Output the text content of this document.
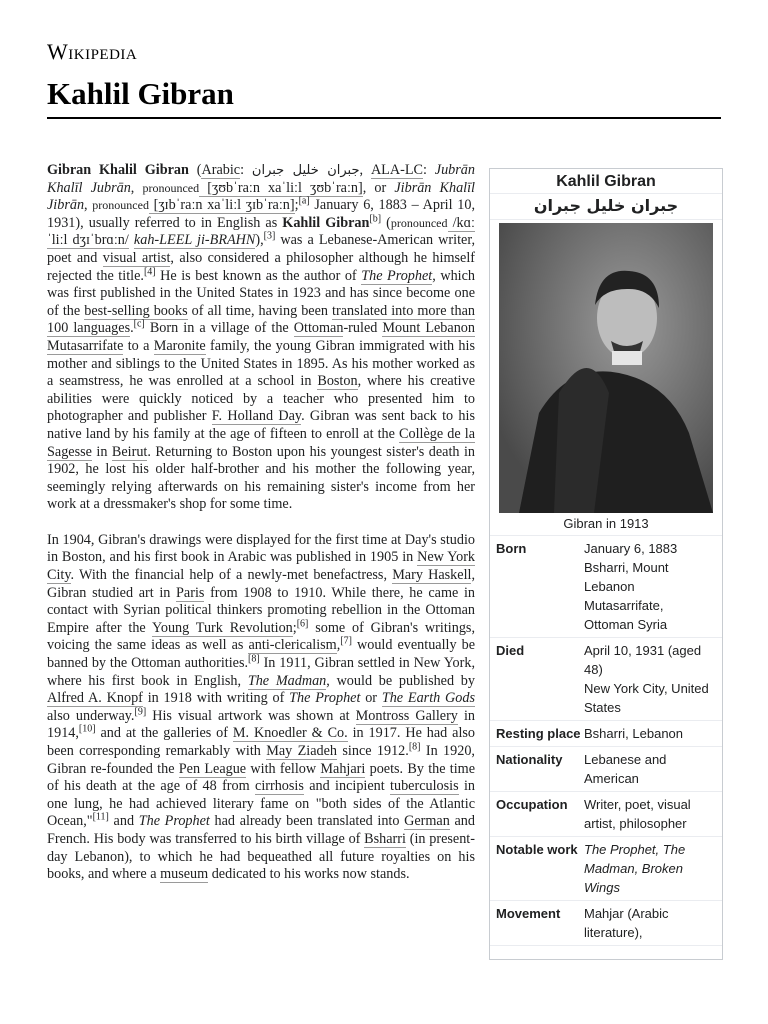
Wikipedia
Kahlil Gibran

Gibran Khalil Gibran (Arabic: جبران خليل جبران, ALA-LC: Jubrān Khalīl Jubrān, pronounced [ʒʊbˈraːn xaˈliːl ʒʊbˈraːn], or Jibrān Khalīl Jibrān, pronounced [ʒɪbˈraːn xaˈliːl ʒɪbˈraːn];[a] January 6, 1883 – April 10, 1931), usually referred to in English as Kahlil Gibran[b] (pronounced /kɑːˈliːl dʒɪˈbrɑːn/ kah-LEEL ji-BRAHN),[3] was a Lebanese-American writer, poet and visual artist, also considered a philosopher although he himself rejected the title.[4] He is best known as the author of The Prophet, which was first published in the United States in 1923 and has since become one of the best-selling books of all time, having been translated into more than 100 languages.[c] Born in a village of the Ottoman-ruled Mount Lebanon Mutasarrifate to a Maronite family, the young Gibran immigrated with his mother and siblings to the United States in 1895. As his mother worked as a seamstress, he was enrolled at a school in Boston, where his creative abilities were quickly noticed by a teacher who presented him to photographer and publisher F. Holland Day. Gibran was sent back to his native land by his family at the age of fifteen to enroll at the Collège de la Sagesse in Beirut. Returning to Boston upon his youngest sister's death in 1902, he lost his older half-brother and his mother the following year, seemingly relying afterwards on his remaining sister's income from her work at a dressmaker's shop for some time.

In 1904, Gibran's drawings were displayed for the first time at Day's studio in Boston, and his first book in Arabic was published in 1905 in New York City. With the financial help of a newly-met benefactress, Mary Haskell, Gibran studied art in Paris from 1908 to 1910. While there, he came in contact with Syrian political thinkers promoting rebellion in the Ottoman Empire after the Young Turk Revolution;[6] some of Gibran's writings, voicing the same ideas as well as anti-clericalism,[7] would eventually be banned by the Ottoman authorities.[8] In 1911, Gibran settled in New York, where his first book in English, The Madman, would be published by Alfred A. Knopf in 1918 with writing of The Prophet or The Earth Gods also underway.[9] His visual artwork was shown at Montross Gallery in 1914,[10] and at the galleries of M. Knoedler & Co. in 1917. He had also been corresponding remarkably with May Ziadeh since 1912.[8] In 1920, Gibran re-founded the Pen League with fellow Mahjari poets. By the time of his death at the age of 48 from cirrhosis and incipient tuberculosis in one lung, he had achieved literary fame on "both sides of the Atlantic Ocean,"[11] and The Prophet had already been translated into German and French. His body was transferred to his birth village of Bsharri (in present-day Lebanon), to which he had bequeathed all future royalties on his books, and where a museum dedicated to his works now stands.

Kahlil Gibran
جبران خليل جبران
Gibran in 1913
Born	January 6, 1883
Bsharri, Mount Lebanon Mutasarrifate, Ottoman Syria
Died	April 10, 1931 (aged 48)
New York City, United States
Resting place Bsharri, Lebanon
Nationality	Lebanese and American
Occupation	Writer, poet, visual artist, philosopher
Notable work The Prophet, The Madman, Broken Wings
Movement	Mahjar (Arabic literature),
